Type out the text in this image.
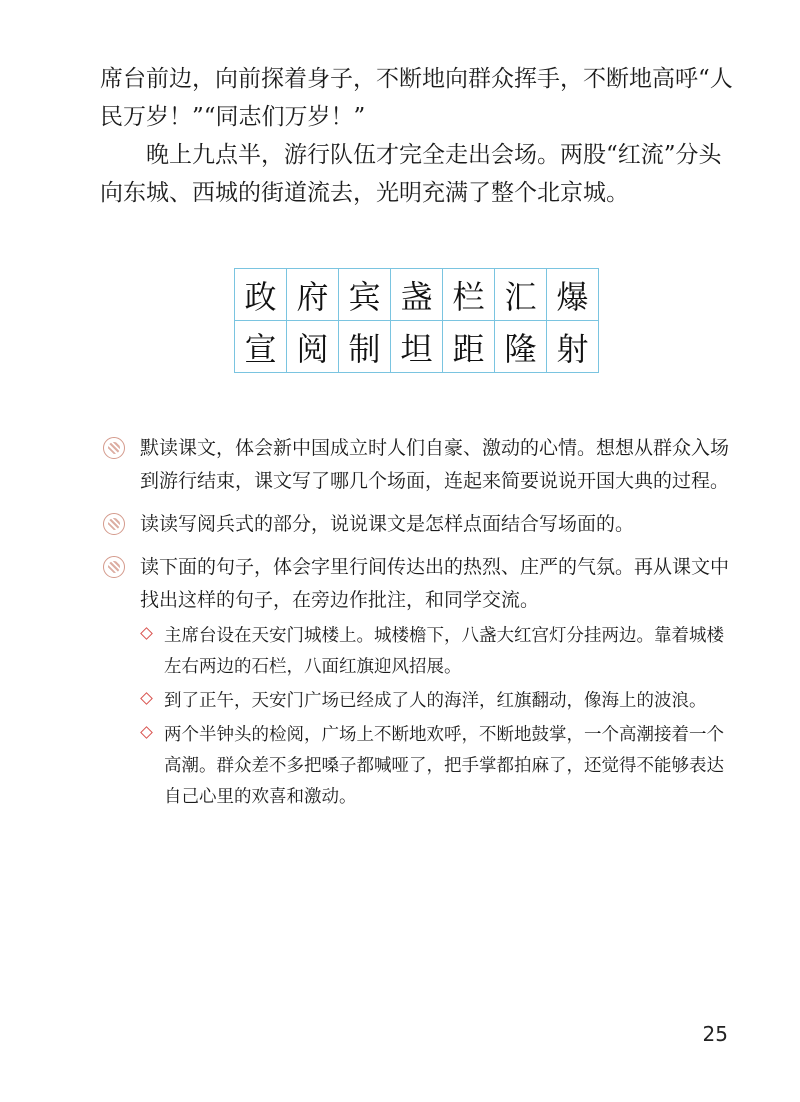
席台前边，向前探着身子，不断地向群众挥手，不断地高呼“人民万岁！”“同志们万岁！”

晚上九点半，游行队伍才完全走出会场。两股“红流”分头向东城、西城的街道流去，光明充满了整个北京城。

政 府 宾 盏 栏 汇 爆
宣 阅 制 坦 距 隆 射
默读课文，体会新中国成立时人们自豪、激动的心情。想想从群众入场到游行结束，课文写了哪几个场面，连起来简要说说开国大典的过程。
读读写阅兵式的部分，说说课文是怎样点面结合写场面的。
读下面的句子，体会字里行间传达出的热烈、庄严的气氛。再从课文中找出这样的句子，在旁边作批注，和同学交流。
主席台设在天安门城楼上。城楼檐下，八盏大红宫灯分挂两边。靠着城楼左右两边的石栏，八面红旗迎风招展。
到了正午，天安门广场已经成了人的海洋，红旗翻动，像海上的波浪。
两个半钟头的检阅，广场上不断地欢呼，不断地鼓掌，一个高潮接着一个高潮。群众差不多把嗓子都喊哑了，把手掌都拍麻了，还觉得不能够表达自己心里的欢喜和激动。
25
